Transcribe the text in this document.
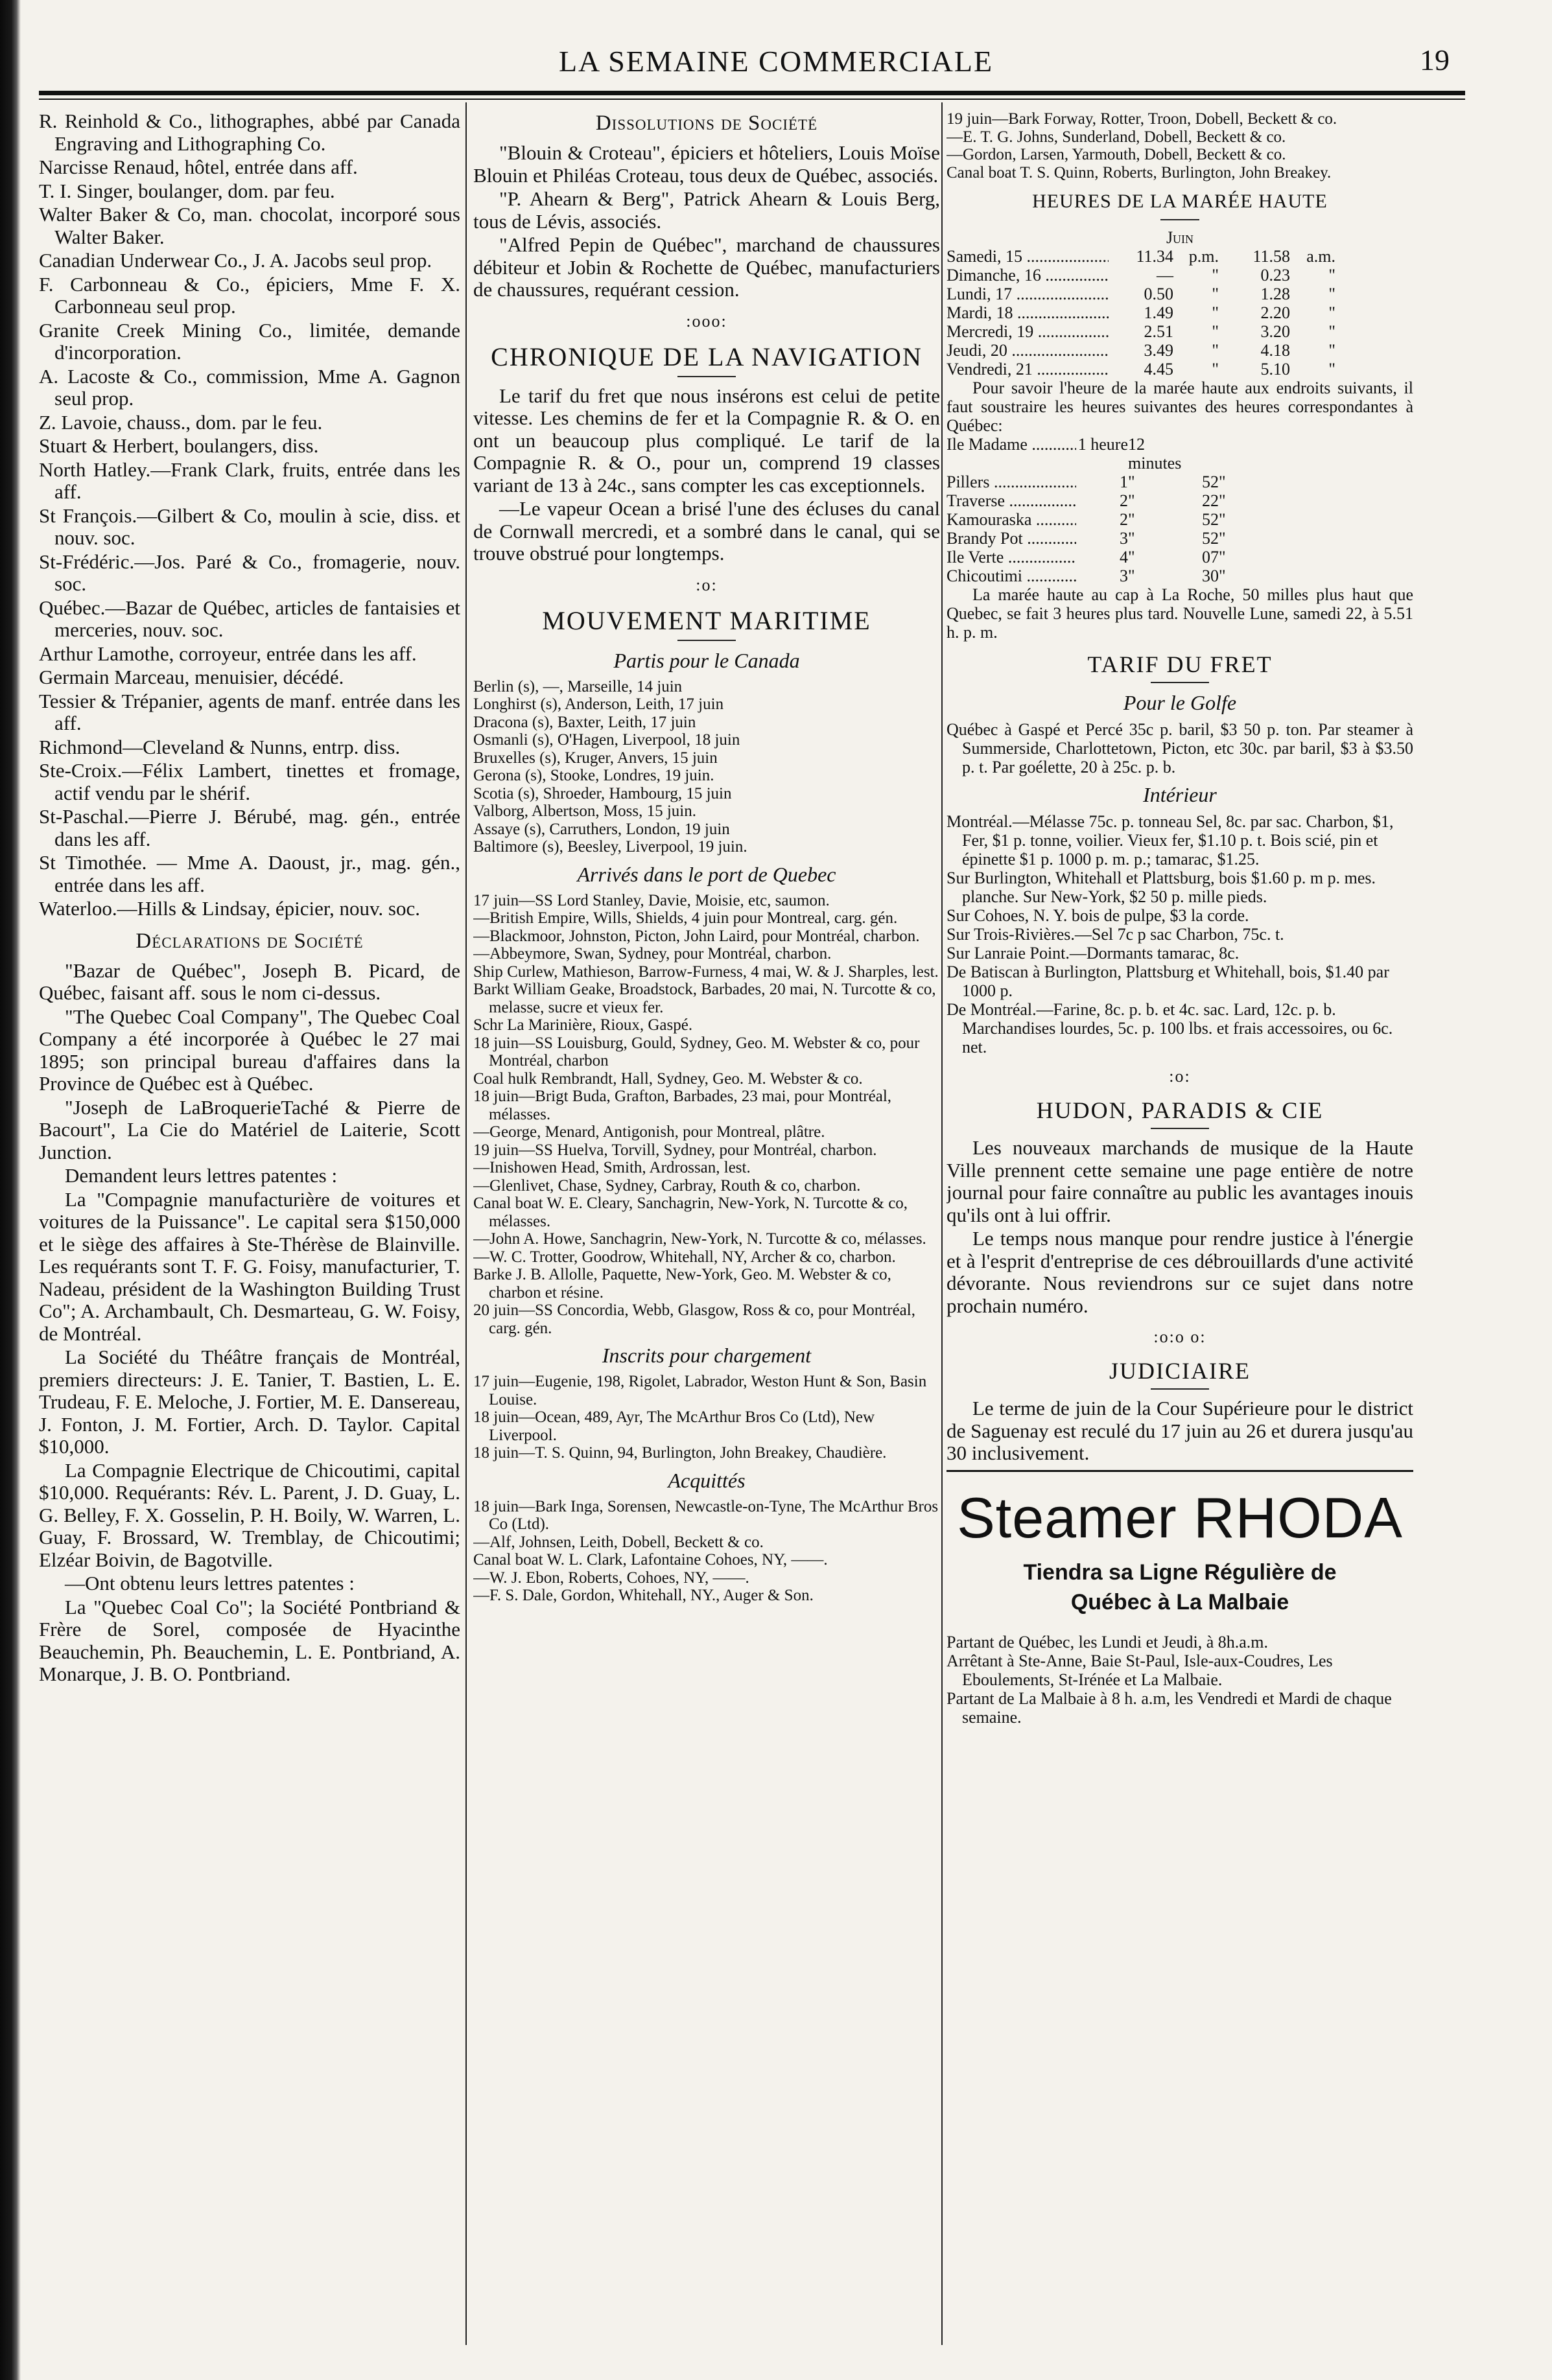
LA SEMAINE COMMERCIALE	19

R. Reinhold & Co., lithographes, abbé par Canada Engraving and Lithographing Co.

Narcisse Renaud, hôtel, entrée dans aff.

T. I. Singer, boulanger, dom. par feu.

Walter Baker & Co, man. chocolat, incorporé sous Walter Baker.

Canadian Underwear Co., J. A. Jacobs seul prop.

F. Carbonneau & Co., épiciers, Mme F. X. Carbonneau seul prop.

Granite Creek Mining Co., limitée, demande d'incorporation.

A. Lacoste & Co., commission, Mme A. Gagnon seul prop.

Z. Lavoie, chauss., dom. par le feu.

Stuart & Herbert, boulangers, diss.

North Hatley.—Frank Clark, fruits, entrée dans les aff.

St François.—Gilbert & Co, moulin à scie, diss. et nouv. soc.

St-Frédéric.—Jos. Paré & Co., fromagerie, nouv. soc.

Québec.—Bazar de Québec, articles de fantaisies et merceries, nouv. soc.

Arthur Lamothe, corroyeur, entrée dans les aff.

Germain Marceau, menuisier, décédé.

Tessier & Trépanier, agents de manf. entrée dans les aff.

Richmond—Cleveland & Nunns, entrp. diss.

Ste-Croix.—Félix Lambert, tinettes et fromage, actif vendu par le shérif.

St-Paschal.—Pierre J. Bérubé, mag. gén., entrée dans les aff.

St Timothée. — Mme A. Daoust, jr., mag. gén., entrée dans les aff.

Waterloo.—Hills & Lindsay, épicier, nouv. soc.

Déclarations de Société

"Bazar de Québec", Joseph B. Picard, de Québec, faisant aff. sous le nom ci-dessus.

"The Quebec Coal Company", The Quebec Coal Company a été incorporée à Québec le 27 mai 1895; son principal bureau d'affaires dans la Province de Québec est à Québec.

"Joseph de LaBroquerieTaché & Pierre de Bacourt", La Cie do Matériel de Laiterie, Scott Junction.

Demandent leurs lettres patentes :

La "Compagnie manufacturière de voitures et voitures de la Puissance". Le capital sera $150,000 et le siège des affaires à Ste-Thérèse de Blainville. Les requérants sont T. F. G. Foisy, manufacturier, T. Nadeau, président de la Washington Building Trust Co"; A. Archambault, Ch. Desmarteau, G. W. Foisy, de Montréal.

La Société du Théâtre français de Montréal, premiers directeurs: J. E. Tanier, T. Bastien, L. E. Trudeau, F. E. Meloche, J. Fortier, M. E. Dansereau, J. Fonton, J. M. Fortier, Arch. D. Taylor. Capital $10,000.

La Compagnie Electrique de Chicoutimi, capital $10,000. Requérants: Rév. L. Parent, J. D. Guay, L. G. Belley, F. X. Gosselin, P. H. Boily, W. Warren, L. Guay, F. Brossard, W. Tremblay, de Chicoutimi; Elzéar Boivin, de Bagotville.

—Ont obtenu leurs lettres patentes :

La "Quebec Coal Co"; la Société Pontbriand & Frère de Sorel, composée de Hyacinthe Beauchemin, Ph. Beauchemin, L. E. Pontbriand, A. Monarque, J. B. O. Pontbriand.

Dissolutions de Société

"Blouin & Croteau", épiciers et hôteliers, Louis Moïse Blouin et Philéas Croteau, tous deux de Québec, associés.

"P. Ahearn & Berg", Patrick Ahearn & Louis Berg, tous de Lévis, associés.

"Alfred Pepin de Québec", marchand de chaussures débiteur et Jobin & Rochette de Québec, manufacturiers de chaussures, requérant cession.

:ooo:
CHRONIQUE DE LA NAVIGATION

Le tarif du fret que nous insérons est celui de petite vitesse. Les chemins de fer et la Compagnie R. & O. en ont un beaucoup plus compliqué. Le tarif de la Compagnie R. & O., pour un, comprend 19 classes variant de 13 à 24c., sans compter les cas exceptionnels.

—Le vapeur Ocean a brisé l'une des écluses du canal de Cornwall mercredi, et a sombré dans le canal, qui se trouve obstrué pour longtemps.

:o:
MOUVEMENT MARITIME
Partis pour le Canada

Berlin (s), —, Marseille, 14 juin

Longhirst (s), Anderson, Leith, 17 juin

Dracona (s), Baxter, Leith, 17 juin

Osmanli (s), O'Hagen, Liverpool, 18 juin

Bruxelles (s), Kruger, Anvers, 15 juin

Gerona (s), Stooke, Londres, 19 juin.

Scotia (s), Shroeder, Hambourg, 15 juin

Valborg, Albertson, Moss, 15 juin.

Assaye (s), Carruthers, London, 19 juin

Baltimore (s), Beesley, Liverpool, 19 juin.

Arrivés dans le port de Quebec

17 juin—SS Lord Stanley, Davie, Moisie, etc, saumon.

—British Empire, Wills, Shields, 4 juin pour Montreal, carg. gén.

—Blackmoor, Johnston, Picton, John Laird, pour Montréal, charbon.

—Abbeymore, Swan, Sydney, pour Montréal, charbon.

Ship Curlew, Mathieson, Barrow-Furness, 4 mai, W. & J. Sharples, lest.

Barkt William Geake, Broadstock, Barbades, 20 mai, N. Turcotte & co, melasse, sucre et vieux fer.

Schr La Marinière, Rioux, Gaspé.

18 juin—SS Louisburg, Gould, Sydney, Geo. M. Webster & co, pour Montréal, charbon

Coal hulk Rembrandt, Hall, Sydney, Geo. M. Webster & co.

18 juin—Brigt Buda, Grafton, Barbades, 23 mai, pour Montréal, mélasses.

—George, Menard, Antigonish, pour Montreal, plâtre.

19 juin—SS Huelva, Torvill, Sydney, pour Montréal, charbon.

—Inishowen Head, Smith, Ardrossan, lest.

—Glenlivet, Chase, Sydney, Carbray, Routh & co, charbon.

Canal boat W. E. Cleary, Sanchagrin, New-York, N. Turcotte & co, mélasses.

—John A. Howe, Sanchagrin, New-York, N. Turcotte & co, mélasses.

—W. C. Trotter, Goodrow, Whitehall, NY, Archer & co, charbon.

Barke J. B. Allolle, Paquette, New-York, Geo. M. Webster & co, charbon et résine.

20 juin—SS Concordia, Webb, Glasgow, Ross & co, pour Montréal, carg. gén.

Inscrits pour chargement

17 juin—Eugenie, 198, Rigolet, Labrador, Weston Hunt & Son, Basin Louise.

18 juin—Ocean, 489, Ayr, The McArthur Bros Co (Ltd), New Liverpool.

18 juin—T. S. Quinn, 94, Burlington, John Breakey, Chaudière.

Acquittés

18 juin—Bark Inga, Sorensen, Newcastle-on-Tyne, The McArthur Bros Co (Ltd).

—Alf, Johnsen, Leith, Dobell, Beckett & co.

Canal boat W. L. Clark, Lafontaine Cohoes, NY, ——.

—W. J. Ebon, Roberts, Cohoes, NY, ——.

—F. S. Dale, Gordon, Whitehall, NY., Auger & Son.

19 juin—Bark Forway, Rotter, Troon, Dobell, Beckett & co.

—E. T. G. Johns, Sunderland, Dobell, Beckett & co.

—Gordon, Larsen, Yarmouth, Dobell, Beckett & co.

Canal boat T. S. Quinn, Roberts, Burlington, John Breakey.

HEURES DE LA MARÉE HAUTE
Juin
Samedi, 15 .....	11.34 p.m.	11.58 a.m.
Dimanche, 16 .....	—	"	0.23	"
Lundi, 17 .....	0.50	"	1.28	"
Mardi, 18 .....	1.49	"	2.20	"
Mercredi, 19 .....	2.51	"	3.20	"
Jeudi, 20 .....	3.49	"	4.18	"
Vendredi, 21 .....	4.45	"	5.10	"

Pour savoir l'heure de la marée haute aux endroits suivants, il faut soustraire les heures suivantes des heures correspondantes à Québec:

Ile Madame .....	1 heure 12 minutes
Pillers .....	1 "	52 "
Traverse .....	2 "	22 "
Kamouraska .....	2 "	52 "
Brandy Pot .....	3 "	52 "
Ile Verte .....	4 "	07 "
Chicoutimi .....	3 "	30 "

La marée haute au cap à La Roche, 50 milles plus haut que Quebec, se fait 3 heures plus tard. Nouvelle Lune, samedi 22, à 5.51 h. p. m.

TARIF DU FRET
Pour le Golfe

Québec à Gaspé et Percé 35c p. baril, $3 50 p. ton. Par steamer à Summerside, Charlottetown, Picton, etc 30c. par baril, $3 à $3.50 p. t. Par goélette, 20 à 25c. p. b.

Intérieur

Montréal.—Mélasse 75c. p. tonneau Sel, 8c. par sac. Charbon, $1, Fer, $1 p. tonne, voilier. Vieux fer, $1.10 p. t. Bois scié, pin et épinette $1 p. 1000 p. m. p.; tamarac, $1.25.

Sur Burlington, Whitehall et Plattsburg, bois $1.60 p. m p. mes. planche. Sur New-York, $2 50 p. mille pieds.

Sur Cohoes, N. Y. bois de pulpe, $3 la corde.

Sur Trois-Rivières.—Sel 7c p sac Charbon, 75c. t.

Sur Lanraie Point.—Dormants tamarac, 8c.

De Batiscan à Burlington, Plattsburg et Whitehall, bois, $1.40 par 1000 p.

De Montréal.—Farine, 8c. p. b. et 4c. sac. Lard, 12c. p. b. Marchandises lourdes, 5c. p. 100 lbs. et frais accessoires, ou 6c. net.

:o:
HUDON, PARADIS & CIE

Les nouveaux marchands de musique de la Haute Ville prennent cette semaine une page entière de notre journal pour faire connaître au public les avantages inouis qu'ils ont à lui offrir.

Le temps nous manque pour rendre justice à l'énergie et à l'esprit d'entreprise de ces débrouillards d'une activité dévorante. Nous reviendrons sur ce sujet dans notre prochain numéro.

:o:o o:
JUDICIAIRE

Le terme de juin de la Cour Supérieure pour le district de Saguenay est reculé du 17 juin au 26 et durera jusqu'au 30 inclusivement.

Steamer RHODA
Tiendra sa Ligne Régulière de
Québec à La Malbaie

Partant de Québec, les Lundi et Jeudi, à 8h.a.m.

Arrêtant à Ste-Anne, Baie St-Paul, Isle-aux-Coudres, Les Eboulements, St-Irénée et La Malbaie.

Partant de La Malbaie à 8 h. a.m, les Vendredi et Mardi de chaque semaine.
